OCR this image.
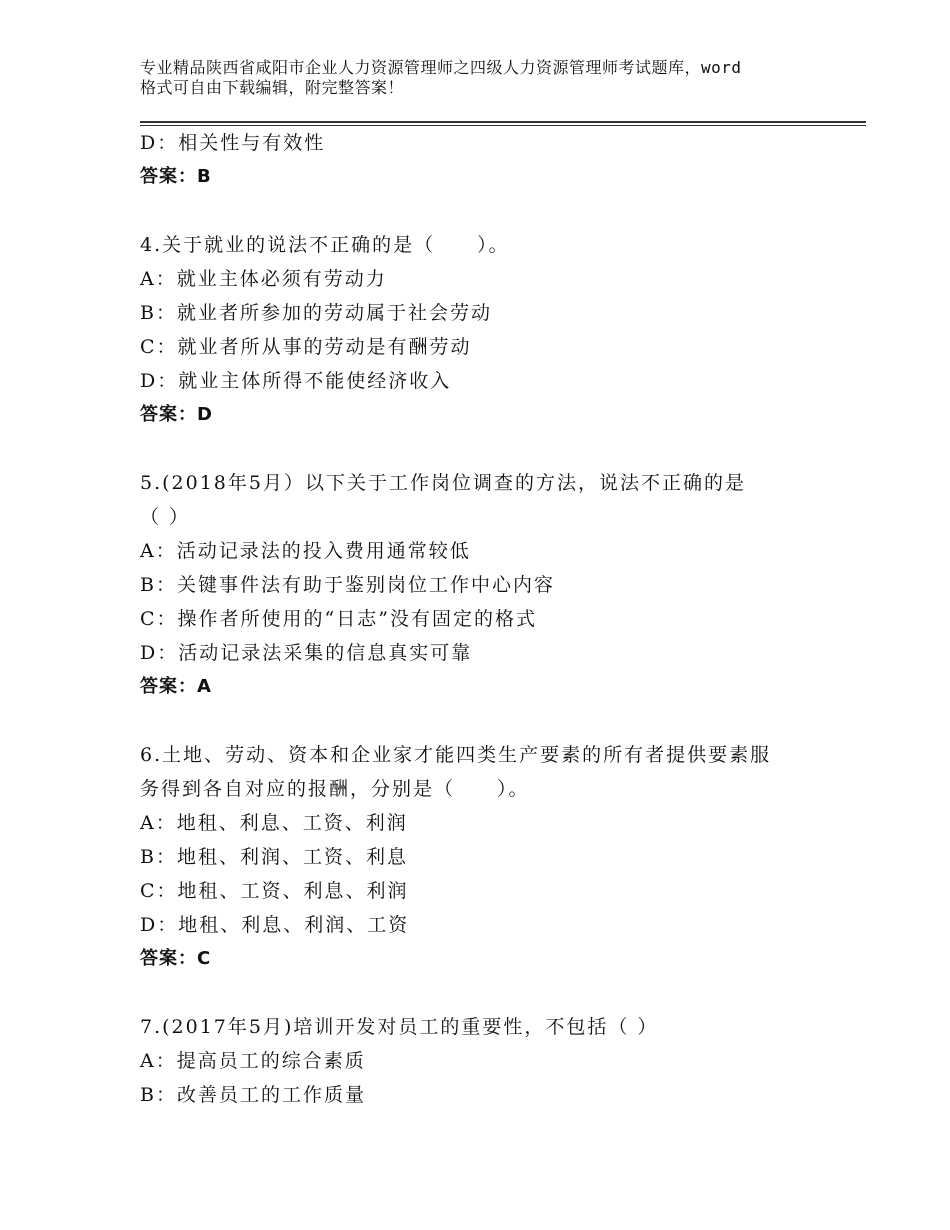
专业精品陕西省咸阳市企业人力资源管理师之四级人力资源管理师考试题库，word
格式可自由下载编辑，附完整答案！
D：相关性与有效性
答案：B
4.关于就业的说法不正确的是（　　）。
A：就业主体必须有劳动力
B：就业者所参加的劳动属于社会劳动
C：就业者所从事的劳动是有酬劳动
D：就业主体所得不能使经济收入
答案：D
5.(2018年5月）以下关于工作岗位调查的方法，说法不正确的是
（ ）
A：活动记录法的投入费用通常较低
B：关键事件法有助于鉴别岗位工作中心内容
C：操作者所使用的“日志”没有固定的格式
D：活动记录法采集的信息真实可靠
答案：A
6.土地、劳动、资本和企业家才能四类生产要素的所有者提供要素服
务得到各自对应的报酬，分别是（　　）。
A：地租、利息、工资、利润
B：地租、利润、工资、利息
C：地租、工资、利息、利润
D：地租、利息、利润、工资
答案：C
7.(2017年5月)培训开发对员工的重要性，不包括（ ）
A：提高员工的综合素质
B：改善员工的工作质量
